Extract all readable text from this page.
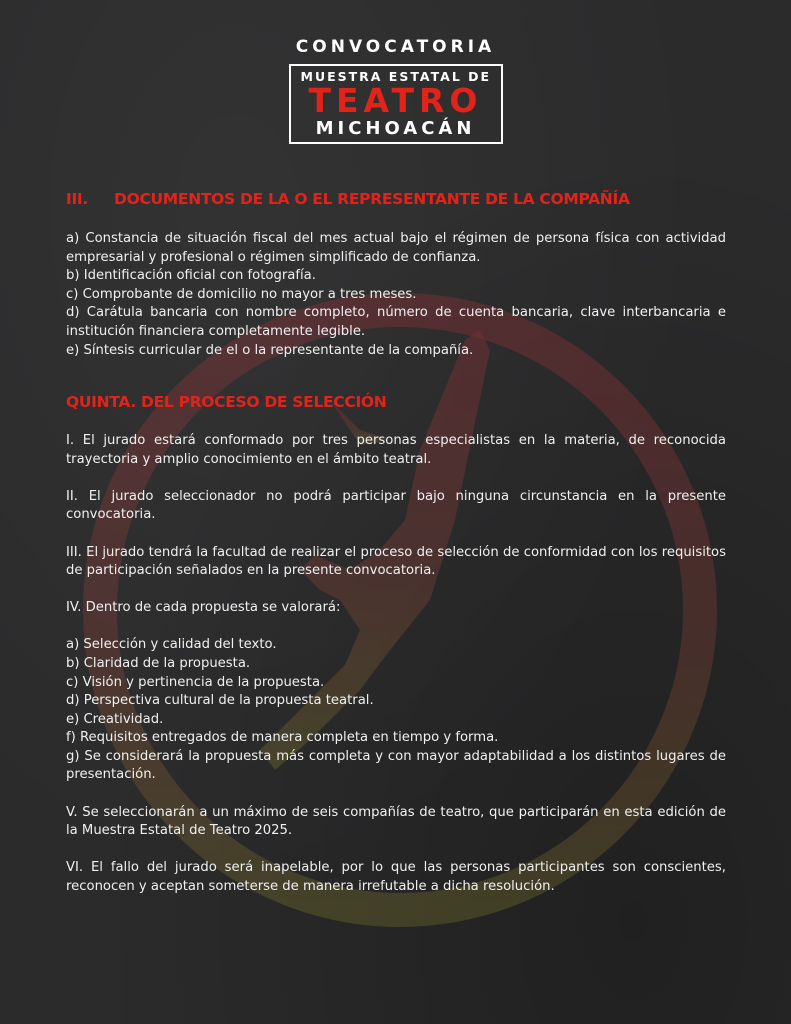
CONVOCATORIA

MUESTRA ESTATAL DE
TEATRO
MICHOACÁN
III. DOCUMENTOS DE LA O EL REPRESENTANTE DE LA COMPAÑÍA

a) Constancia de situación fiscal del mes actual bajo el régimen de persona física con actividad empresarial y profesional o régimen simplificado de confianza.

b) Identificación oficial con fotografía.

c) Comprobante de domicilio no mayor a tres meses.

d) Carátula bancaria con nombre completo, número de cuenta bancaria, clave interbancaria e institución financiera completamente legible.

e) Síntesis curricular de el o la representante de la compañía.

QUINTA. DEL PROCESO DE SELECCIÓN

I. El jurado estará conformado por tres personas especialistas en la materia, de reconocida trayectoria y amplio conocimiento en el ámbito teatral.

II. El jurado seleccionador no podrá participar bajo ninguna circunstancia en la presente convocatoria.

III. El jurado tendrá la facultad de realizar el proceso de selección de conformidad con los requisitos de participación señalados en la presente convocatoria.

IV. Dentro de cada propuesta se valorará:

a) Selección y calidad del texto.

b) Claridad de la propuesta.

c) Visión y pertinencia de la propuesta.

d) Perspectiva cultural de la propuesta teatral.

e) Creatividad.

f) Requisitos entregados de manera completa en tiempo y forma.

g) Se considerará la propuesta más completa y con mayor adaptabilidad a los distintos lugares de presentación.

V. Se seleccionarán a un máximo de seis compañías de teatro, que participarán en esta edición de la Muestra Estatal de Teatro 2025.

VI. El fallo del jurado será inapelable, por lo que las personas participantes son conscientes, reconocen y aceptan someterse de manera irrefutable a dicha resolución.
